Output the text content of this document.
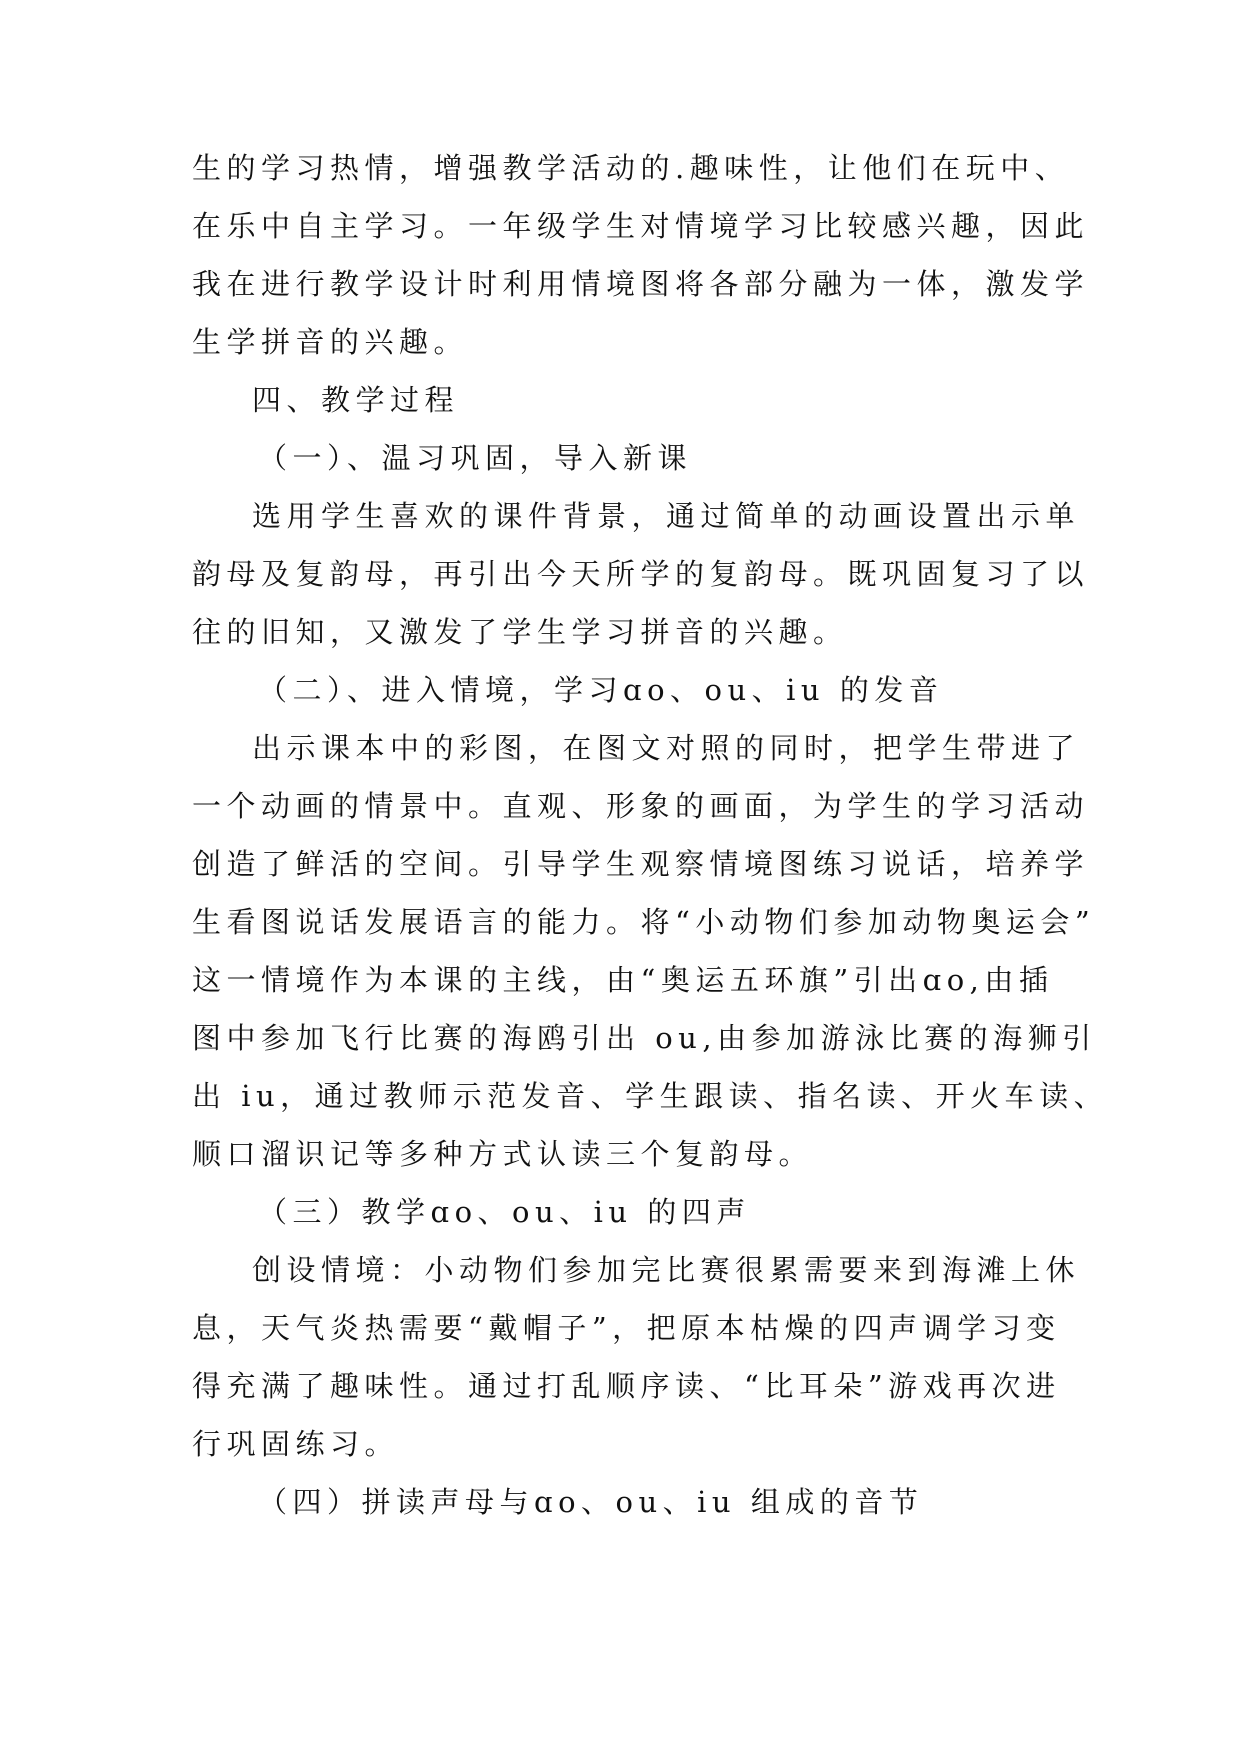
生的学习热情，增强教学活动的.趣味性，让他们在玩中、
在乐中自主学习。一年级学生对情境学习比较感兴趣，因此
我在进行教学设计时利用情境图将各部分融为一体，激发学
生学拼音的兴趣。
四、教学过程
（一）、温习巩固，导入新课
选用学生喜欢的课件背景，通过简单的动画设置出示单
韵母及复韵母，再引出今天所学的复韵母。既巩固复习了以
往的旧知，又激发了学生学习拼音的兴趣。
（二）、进入情境，学习ɑo、ou、iu 的发音
出示课本中的彩图，在图文对照的同时，把学生带进了
一个动画的情景中。直观、形象的画面，为学生的学习活动
创造了鲜活的空间。引导学生观察情境图练习说话，培养学
生看图说话发展语言的能力。将“小动物们参加动物奥运会”
这一情境作为本课的主线，由“奥运五环旗”引出ɑo,由插
图中参加飞行比赛的海鸥引出 ou,由参加游泳比赛的海狮引
出 iu，通过教师示范发音、学生跟读、指名读、开火车读、
顺口溜识记等多种方式认读三个复韵母。
（三）教学ɑo、ou、iu 的四声
创设情境：小动物们参加完比赛很累需要来到海滩上休
息，天气炎热需要“戴帽子”，把原本枯燥的四声调学习变
得充满了趣味性。通过打乱顺序读、“比耳朵”游戏再次进
行巩固练习。
（四）拼读声母与ɑo、ou、iu 组成的音节
